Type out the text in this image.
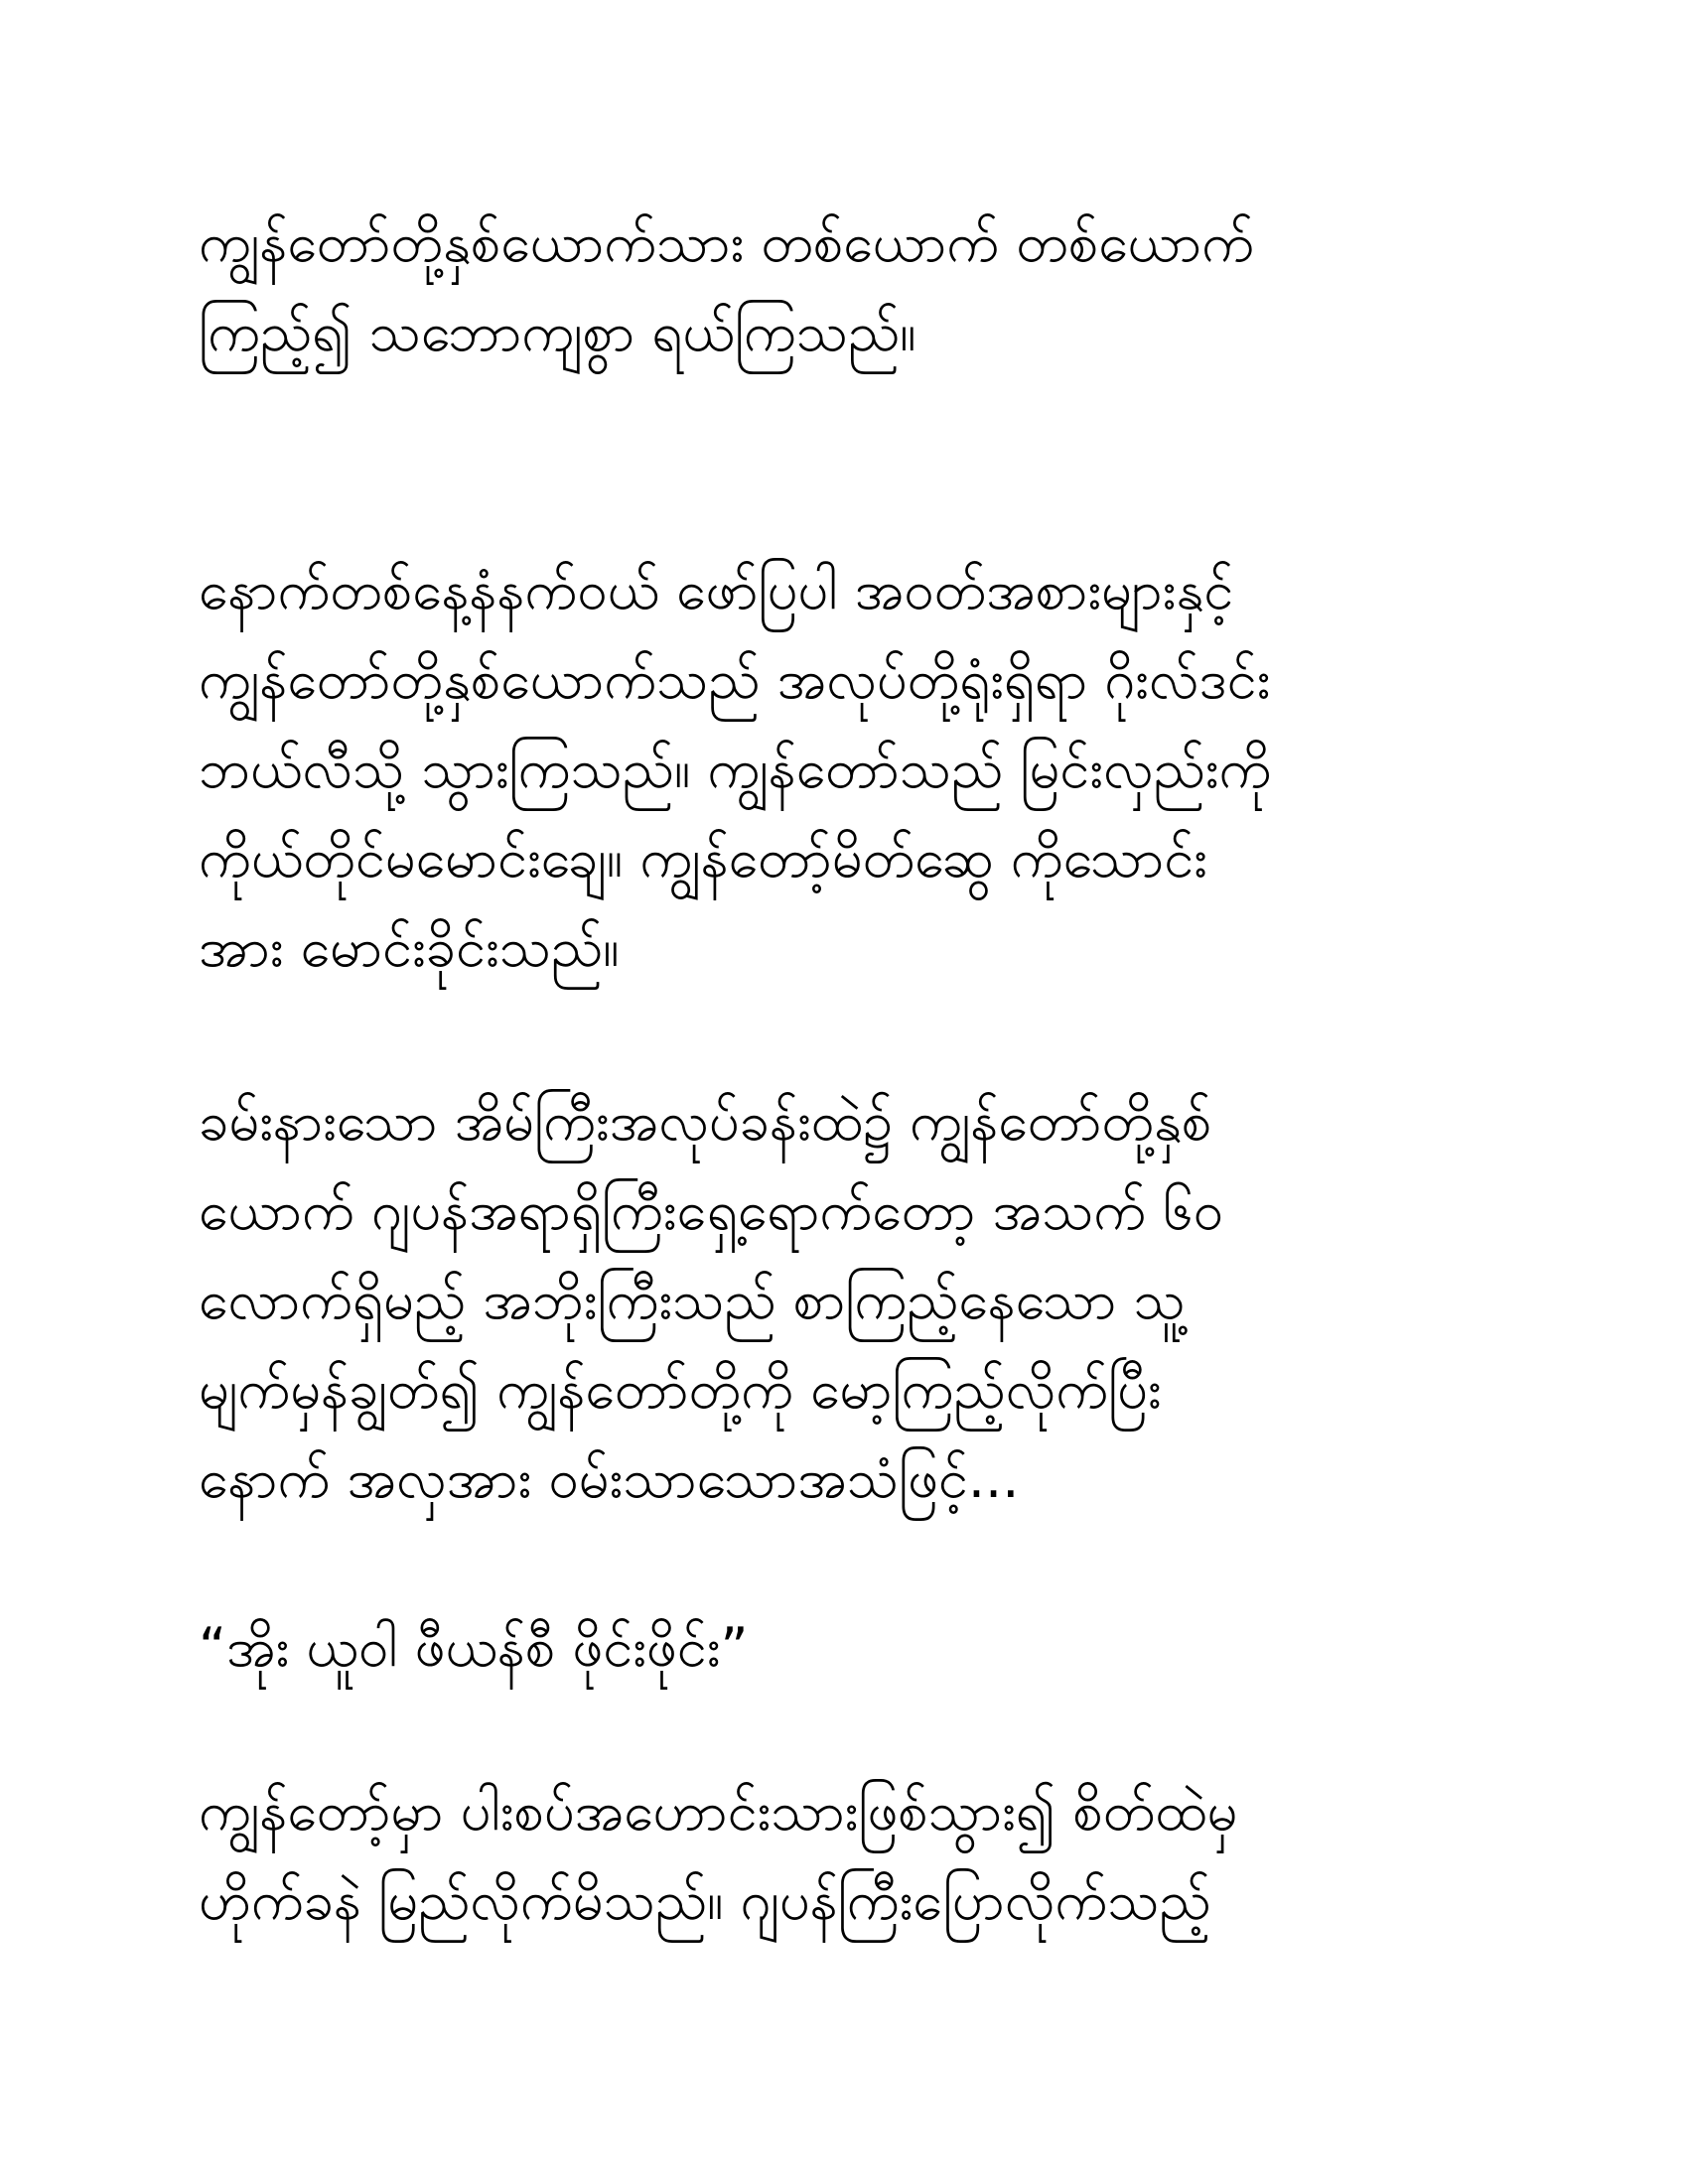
ကျွန်တော်တို့နှစ်ယောက်သား တစ်ယောက် တစ်ယောက်

ကြည့်၍ သဘောကျစွာ ရယ်ကြသည်။

နောက်တစ်နေ့နံနက်ဝယ် ဖော်ပြပါ အဝတ်အစားများနှင့်

ကျွန်တော်တို့နှစ်ယောက်သည် အလုပ်တို့ရုံးရှိရာ ဂိုးလ်ဒင်း

ဘယ်လီသို့ သွားကြသည်။ ကျွန်တော်သည် မြင်းလှည်းကို

ကိုယ်တိုင်မမောင်းချေ။ ကျွန်တော့်မိတ်ဆွေ ကိုသောင်း

အား မောင်းခိုင်းသည်။

ခမ်းနားသော အိမ်ကြီးအလုပ်ခန်းထဲ၌ ကျွန်တော်တို့နှစ်

ယောက် ဂျပန်အရာရှိကြီးရှေ့ရောက်တော့ အသက် ၆၀

လောက်ရှိမည့် အဘိုးကြီးသည် စာကြည့်နေသော သူ့

မျက်မှန်ချွတ်၍ ကျွန်တော်တို့ကို မော့ကြည့်လိုက်ပြီး

နောက် အလှအား ဝမ်းသာသောအသံဖြင့်...

“အိုး ယူဝါ ဖီယန်စီ ဖိုင်းဖိုင်း”

ကျွန်တော့်မှာ ပါးစပ်အဟောင်းသားဖြစ်သွား၍ စိတ်ထဲမှ

ဟိုက်ခနဲ မြည်လိုက်မိသည်။ ဂျပန်ကြီးပြောလိုက်သည့်
